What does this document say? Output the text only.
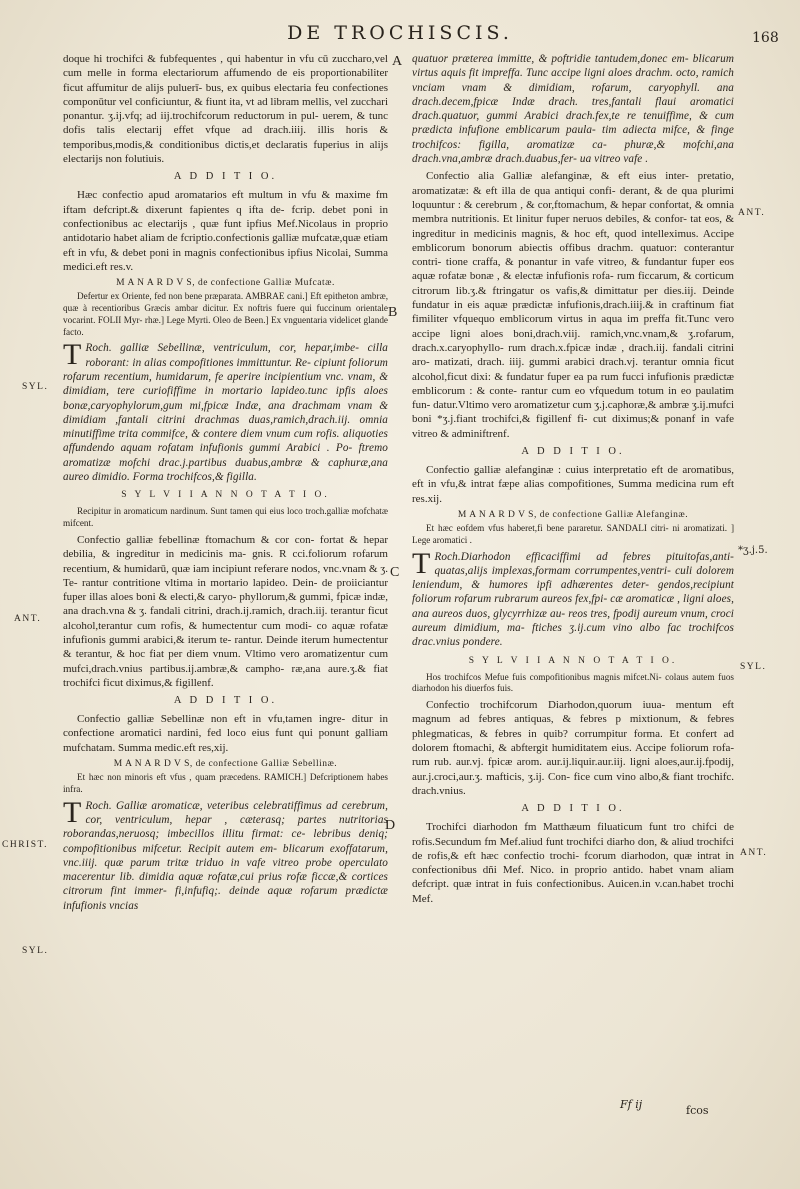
DE TROCHISCIS.	168
A
B
C
D
SYL.
ANT.
CHRIST.
SYL.
ANT.
SYL.
ANT.
*ʒ.j.5.

doque hi trochifci & fubfequentes , qui habentur in vfu cū zuccharo,vel cum melle in forma electariorum affumendo de eis proportionabiliter ficut affumitur de alijs puluerī- bus, ex quibus electaria feu confectiones componūtur vel conficiuntur, & fiunt ita, vt ad libram mellis, vel zucchari ponantur. ʒ.ij.vfq; ad iij.trochifcorum reductorum in pul- uerem, & tunc dofis talis electarij effet vfque ad drach.iiij. illis horis & temporibus,modis,& conditionibus dictis,et declaratis fuperius in alijs electarijs non folutiuis.

A D D I T I O.

Hæc confectio apud aromatarios eft multum in vfu & maxime fm iftam defcript.& dixerunt fapientes q ifta de- fcrip. debet poni in confectionibus ac electarijs , quæ funt ipfius Mef.Nicolaus in proprio antidotario habet aliam de fcriptio.confectionis galliæ mufcatæ,quæ etiam eft in vfu, & debet poni in magnis confectionibus ipfius Nicolai, Summa medici.eft res.v.

M A N A R D V S, de confectione Galliæ Mufcatæ.

Defertur ex Oriente, fed non bene præparata. AMBRAE cani.] Eft epitheton ambræ, quæ à recentioribus Græcis ambar dicitur. Ex noftris fuere qui fuccinum orientale vocarint. FOLII Myr- rhæ.] Lege Myrti. Oleo de Been.] Ex vnguentaria videlicet glande facto.

T Roch. galliæ Sebellinæ, ventriculum, cor, hepar,imbe- cilla roborant: in alias compofitiones immittuntur. Re- cipiunt foliorum rofarum recentium, humidarum, fe aperire incipientium vnc. vnam, & dimidiam, tere curiofiffime in mortario lapideo.tunc ipfis aloes bonæ,caryophylorum,gum mi,fpicæ Indæ, ana drachmam vnam & dimidiam ,fantali citrini drachmas duas,ramich,drach.iij. omnia minutiffime trita commifce, & contere diem vnum cum rofis. aliquoties affundendo aquam rofatam infufionis gummi Arabici . Po- ftremo aromatizæ mofchi drac.j.partibus duabus,ambræ & caphuræ,ana aureo dimidio. Forma trochifcos,& figilla.

S Y L V I I A N N O T A T I O.

Recipitur in aromaticum nardinum. Sunt tamen qui eius loco troch.galliæ mofchatæ mifcent.

Confectio galliæ febellinæ ftomachum & cor con- fortat & hepar debilia, & ingreditur in medicinis ma- gnis. R cci.foliorum rofarum recentium, & humidarū, quæ iam incipiunt referare nodos, vnc.vnam & ʒ. Te- rantur contritione vltima in mortario lapideo. Dein- de proiiciantur fuper illas aloes boni & electi,& caryo- phyllorum,& gummi, fpicæ indæ, ana drach.vna & ʒ. fandali citrini, drach.ij.ramich, drach.iij. terantur ficut alcohol,terantur cum rofis, & humectentur cum modi- co aquæ rofatæ infufionis gummi arabici,& iterum te- rantur. Deinde iterum humectentur & terantur, & hoc fiat per diem vnum. Vltimo vero aromatizentur cum mufci,drach.vnius partibus.ij.ambræ,& campho- ræ,ana aure.ʒ.& fiat trochifci ficut diximus,& figillenf.

A D D I T I O.

Confectio galliæ Sebellinæ non eft in vfu,tamen ingre- ditur in confectione aromatici nardini, fed loco eius funt qui ponunt galliam mufchatam. Summa medic.eft res,xij.

M A N A R D V S, de confectione Galliæ Sebellinæ.

Et hæc non minoris eft vfus , quam præcedens. RAMICH.] Defcriptionem habes infra.

T Roch. Galliæ aromaticæ, veteribus celebratiffimus ad cerebrum, cor, ventriculum, hepar , cæterasq; partes nutritorias roborandas,neruosq; imbecillos illitu firmat: ce- lebribus deniq; compofitionibus mifcetur. Recipit autem em- blicarum exoffatarum, vnc.iiij. quæ parum tritæ triduo in vafe vitreo probe operculato macerentur lib. dimidia aquæ rofatæ,cui prius rofæ ficcæ,& cortices citrorum fint immer- fi,infufiq;. deinde aquæ rofarum prædictæ infufionis vncias

quatuor præterea immitte, & poftridie tantudem,donec em- blicarum virtus aquis fit impreffa. Tunc accipe ligni aloes drachm. octo, ramich vnciam vnam & dimidiam, rofarum, caryophyll. ana drach.decem,fpicæ Indæ drach. tres,fantali flaui aromatici drach.quatuor, gummi Arabici drach.fex,te re tenuiffime, & cum prædicta infufione emblicarum paula- tim adiecta mifce, & finge trochifcos: figilla, aromatizæ ca- phuræ,& mofchi,ana drach.vna,ambræ drach.duabus,fer- ua vitreo vafe .

Confectio alia Galliæ alefanginæ, & eft eius inter- pretatio, aromatizatæ: & eft illa de qua antiqui confi- derant, & de qua plurimi loquuntur : & cerebrum , & cor,ftomachum, & hepar confortat, & omnia membra nutritionis. Et linitur fuper neruos debiles, & confor- tat eos, & ingreditur in medicinis magnis, & hoc eft, quod intelleximus. Accipe emblicorum bonorum abiectis offibus drachm. quatuor: conterantur contri- tione craffa, & ponantur in vafe vitreo, & fundantur fuper eos aquæ rofatæ bonæ , & electæ infufionis rofa- rum ficcarum, & corticum citrorum lib.ʒ.& ftringatur os vafis,& dimittatur per dies.iij. Deinde fundatur in eis aquæ prædictæ infufionis,drach.iiij.& in craftinum fiat fimiliter vfquequo emblicorum virtus in aqua im preffa fit.Tunc vero accipe ligni aloes boni,drach.viij. ramich,vnc.vnam,& ʒ.rofarum, drach.x.caryophyllo- rum drach.x.fpicæ indæ , drach.iij. fandali citrini aro- matizati, drach. iiij. gummi arabici drach.vj. terantur omnia ficut alcohol,ficut dixi: & fundatur fuper ea pa rum fucci infufionis prædictæ emblicorum : & conte- rantur cum eo vfquedum totum in eo paulatim fun- datur.Vltimo vero aromatizetur cum ʒ.j.caphoræ,& ambræ ʒ.ij.mufci boni *ʒ.j.fiant trochifci,& figillenf fi- cut diximus;& ponanf in vafe vitreo & adminiftrenf.

A D D I T I O.

Confectio galliæ alefanginæ : cuius interpretatio eft de aromatibus, eft in vfu,& intrat fæpe alias compofitiones, Summa medicina rum eft res.xij.

M A N A R D V S, de confectione Galliæ Alefanginæ.

Et hæc eofdem vfus haberet,fi bene pararetur. SANDALI citri- ni aromatizati. ] Lege aromatici .

T Roch.Diarhodon efficaciffimi ad febres pituitofas,anti- quatas,alijs implexas,formam corrumpentes,ventri- culi dolorem leniendum, & humores ipfi adhærentes deter- gendos,recipiunt foliorum rofarum rubrarum aureos fex,fpi- cæ aromaticæ , ligni aloes, ana aureos duos, glycyrrhizæ au- reos tres, fpodij aureum vnum, croci aureum dimidium, ma- ftiches ʒ.ij.cum vino albo fac trochifcos drac.vnius pondere.

S Y L V I I A N N O T A T I O.

Hos trochifcos Mefue fuis compofitionibus magnis mifcet.Ni- colaus autem fuos diarhodon his diuerfos fuis.

Confectio trochifcorum Diarhodon,quorum iuua- mentum eft magnum ad febres antiquas, & febres p mixtionum, & febres phlegmaticas, & febres in quib? corrumpitur forma. Et confert ad dolorem ftomachi, & abftergit humiditatem eius. Accipe foliorum rofa- rum rub. aur.vj. fpicæ arom. aur.ij.liquir.aur.iij. ligni aloes,aur.ij.fpodij, aur.j.croci,aur.ʒ. mafticis, ʒ.ij. Con- fice cum vino albo,& fiant trochifc. drach.vnius.

A D D I T I O.

Trochifci diarhodon fm Matthæum filuaticum funt tro chifci de rofis.Secundum fm Mef.aliud funt trochifci diarho don, & aliud trochifci de rofis,& eft hæc confectio trochi- fcorum diarhodon, quæ intrat in confectionibus dñi Mef. Nico. in proprio antido. habet vnam aliam defcript. quæ intrat in fuis confectionibus. Auicen.in v.can.habet trochi Mef.

Ff ij	fcos
